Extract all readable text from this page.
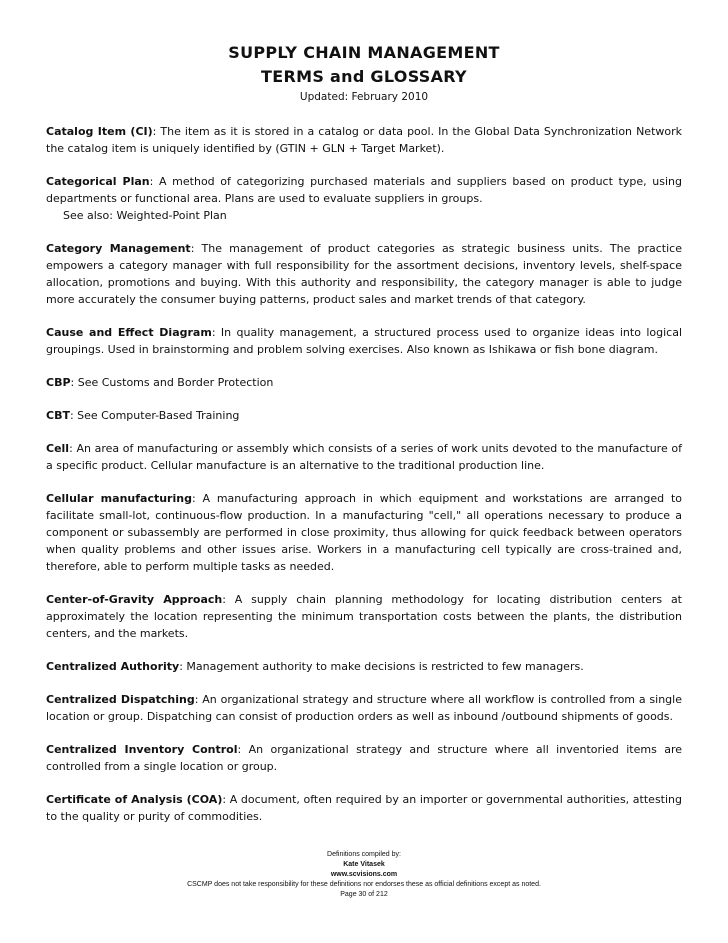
SUPPLY CHAIN MANAGEMENT
TERMS and GLOSSARY
Updated: February 2010

Catalog Item (CI): The item as it is stored in a catalog or data pool. In the Global Data Synchronization Network the catalog item is uniquely identified by (GTIN + GLN + Target Market).

Categorical Plan: A method of categorizing purchased materials and suppliers based on product type, using departments or functional area. Plans are used to evaluate suppliers in groups.
See also: Weighted-Point Plan

Category Management: The management of product categories as strategic business units. The practice empowers a category manager with full responsibility for the assortment decisions, inventory levels, shelf-space allocation, promotions and buying. With this authority and responsibility, the category manager is able to judge more accurately the consumer buying patterns, product sales and market trends of that category.

Cause and Effect Diagram: In quality management, a structured process used to organize ideas into logical groupings. Used in brainstorming and problem solving exercises. Also known as Ishikawa or fish bone diagram.

CBP: See Customs and Border Protection

CBT: See Computer-Based Training

Cell: An area of manufacturing or assembly which consists of a series of work units devoted to the manufacture of a specific product. Cellular manufacture is an alternative to the traditional production line.

Cellular manufacturing: A manufacturing approach in which equipment and workstations are arranged to facilitate small-lot, continuous-flow production. In a manufacturing "cell," all operations necessary to produce a component or subassembly are performed in close proximity, thus allowing for quick feedback between operators when quality problems and other issues arise. Workers in a manufacturing cell typically are cross-trained and, therefore, able to perform multiple tasks as needed.

Center-of-Gravity Approach: A supply chain planning methodology for locating distribution centers at approximately the location representing the minimum transportation costs between the plants, the distribution centers, and the markets.

Centralized Authority: Management authority to make decisions is restricted to few managers.

Centralized Dispatching: An organizational strategy and structure where all workflow is controlled from a single location or group. Dispatching can consist of production orders as well as inbound /outbound shipments of goods.

Centralized Inventory Control: An organizational strategy and structure where all inventoried items are controlled from a single location or group.

Certificate of Analysis (COA): A document, often required by an importer or governmental authorities, attesting to the quality or purity of commodities.

Definitions compiled by:
Kate Vitasek
www.scvisions.com
CSCMP does not take responsibility for these definitions nor endorses these as official definitions except as noted.
Page 30 of 212
